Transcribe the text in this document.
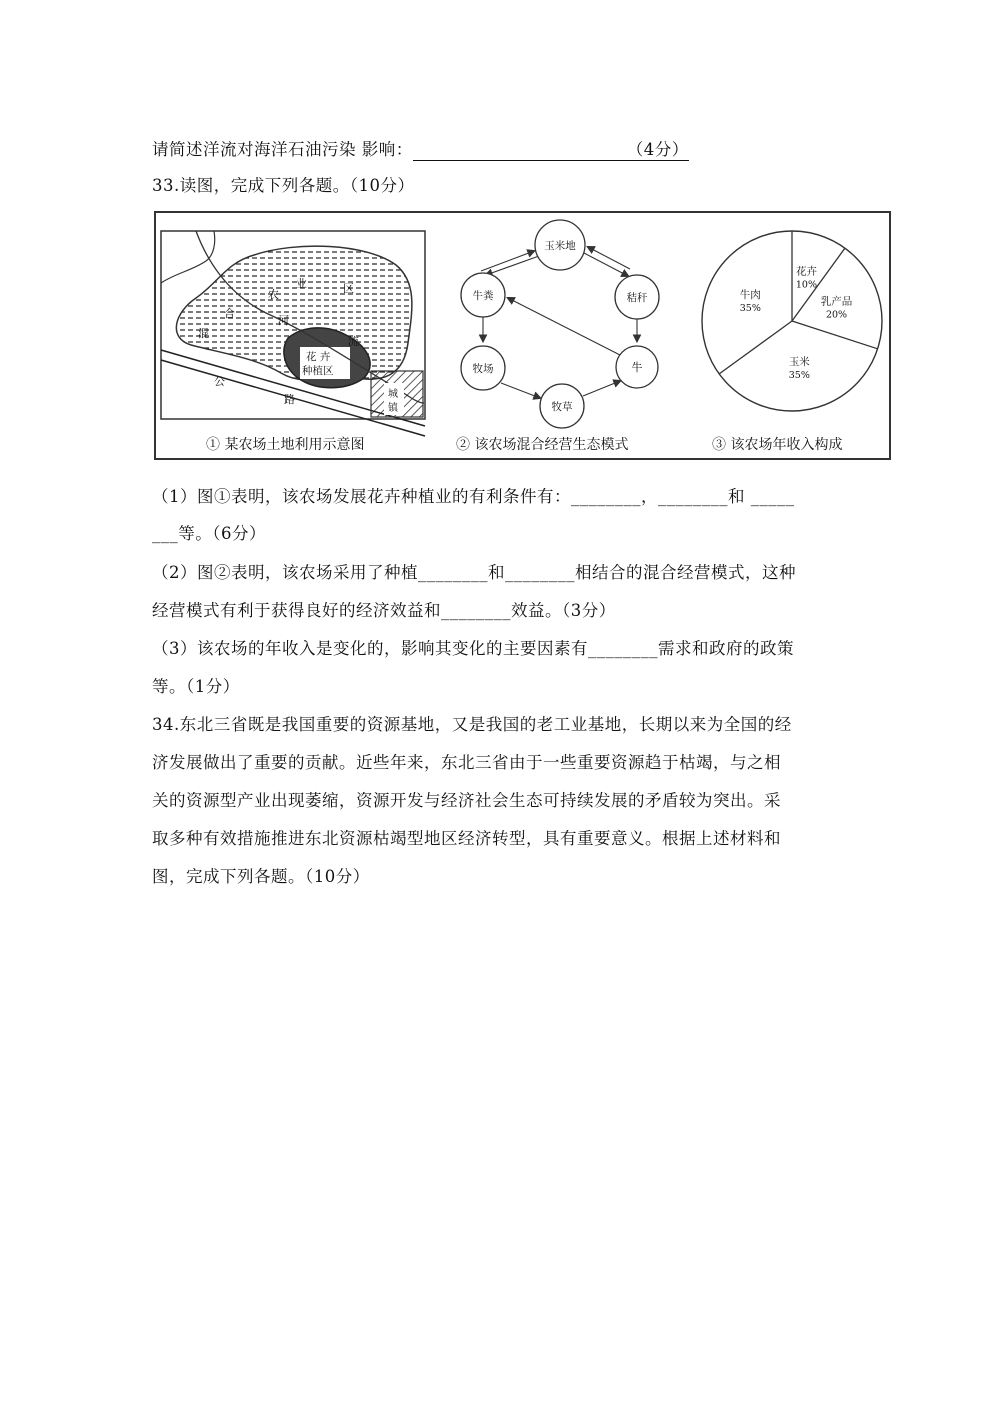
请简述洋流对海洋石油污染 影响：	（4分）
33.读图，完成下列各题。（10分）
农
业	区
合
河
混
流
花 卉
种植区
公
路	城
镇
① 某农场土地利用示意图
玉米地
牛粪	秸秆
牧场	牛
牧草
② 该农场混合经营生态模式	③ 该农场年收入构成
花卉
10%
乳产品
20%
玉米
35%
牛肉
35%
（1）图①表明，该农场发展花卉种植业的有利条件有：________，________和 _____
___等。（6分）
（2）图②表明，该农场采用了种植________和________相结合的混合经营模式，这种
经营模式有利于获得良好的经济效益和________效益。（3分）
（3）该农场的年收入是变化的，影响其变化的主要因素有________需求和政府的政策
等。（1分）
34.东北三省既是我国重要的资源基地，又是我国的老工业基地，长期以来为全国的经
济发展做出了重要的贡献。近些年来，东北三省由于一些重要资源趋于枯竭，与之相
关的资源型产业出现萎缩，资源开发与经济社会生态可持续发展的矛盾较为突出。采
取多种有效措施推进东北资源枯竭型地区经济转型，具有重要意义。根据上述材料和
图，完成下列各题。（10分）
